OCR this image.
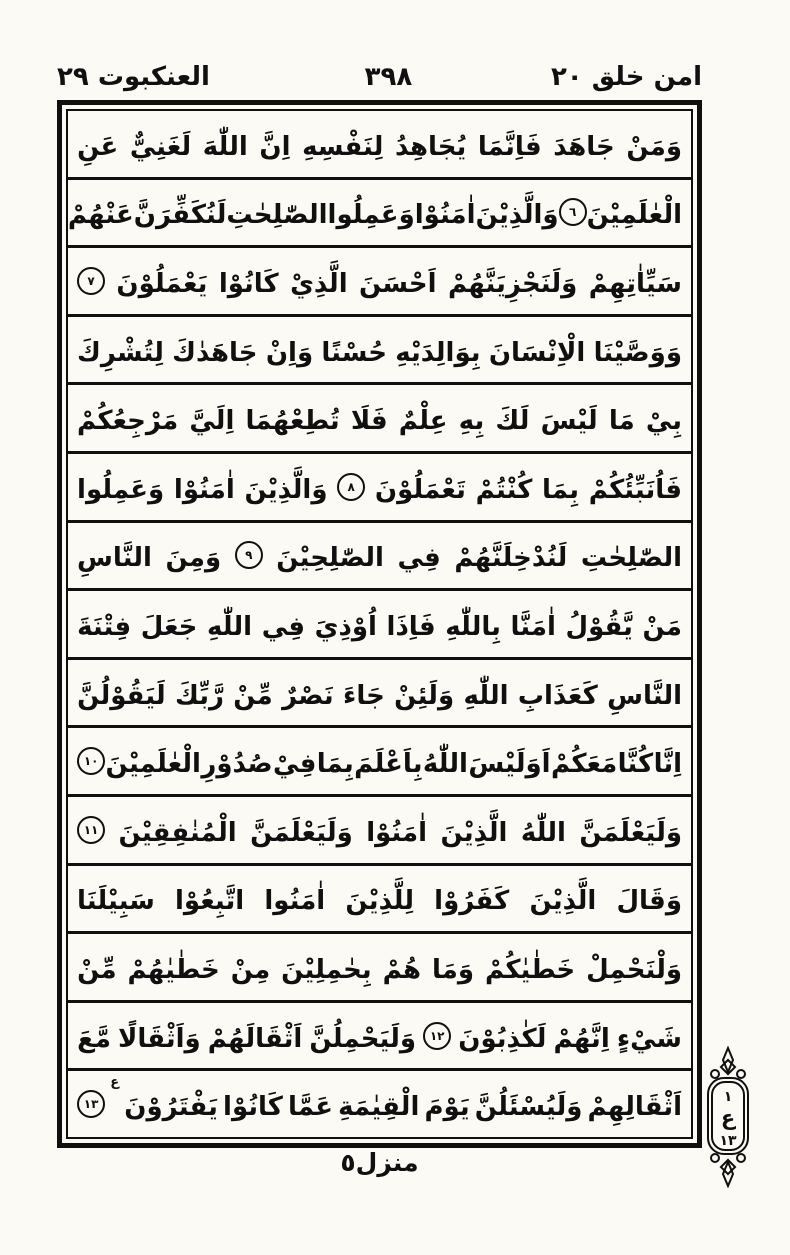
امن خلق ٢٠
٣٩٨
العنكبوت ٢٩
وَمَنْ
جَاهَدَ
فَاِنَّمَا
يُجَاهِدُ
لِنَفْسِهِ
اِنَّ
اللّٰهَ
لَغَنِيٌّ
عَنِ
الْعٰلَمِيْنَ
٦
وَالَّذِيْنَ
اٰمَنُوْا
وَعَمِلُوا
الصّٰلِحٰتِ
لَنُكَفِّرَنَّ
عَنْهُمْ
سَيِّاٰتِهِمْ
وَلَنَجْزِيَنَّهُمْ
اَحْسَنَ
الَّذِيْ
كَانُوْا
يَعْمَلُوْنَ
٧
وَوَصَّيْنَا
الْاِنْسَانَ
بِوَالِدَيْهِ
حُسْنًا
وَاِنْ
جَاهَدٰكَ
لِتُشْرِكَ
بِيْ
مَا
لَيْسَ
لَكَ
بِهِ
عِلْمٌ
فَلَا
تُطِعْهُمَا
اِلَيَّ
مَرْجِعُكُمْ
فَاُنَبِّئُكُمْ
بِمَا
كُنْتُمْ
تَعْمَلُوْنَ
٨
وَالَّذِيْنَ
اٰمَنُوْا
وَعَمِلُوا
الصّٰلِحٰتِ
لَنُدْخِلَنَّهُمْ
فِي
الصّٰلِحِيْنَ
٩
وَمِنَ
النَّاسِ
مَنْ
يَّقُوْلُ
اٰمَنَّا
بِاللّٰهِ
فَاِذَا
اُوْذِيَ
فِي
اللّٰهِ
جَعَلَ
فِتْنَةَ
النَّاسِ
كَعَذَابِ
اللّٰهِ
وَلَئِنْ
جَاءَ
نَصْرٌ
مِّنْ
رَّبِّكَ
لَيَقُوْلُنَّ
اِنَّا
كُنَّا
مَعَكُمْ
اَوَلَيْسَ
اللّٰهُ
بِاَعْلَمَ
بِمَا
فِيْ
صُدُوْرِ
الْعٰلَمِيْنَ
١٠
وَلَيَعْلَمَنَّ
اللّٰهُ
الَّذِيْنَ
اٰمَنُوْا
وَلَيَعْلَمَنَّ
الْمُنٰفِقِيْنَ
١١
وَقَالَ
الَّذِيْنَ
كَفَرُوْا
لِلَّذِيْنَ
اٰمَنُوا
اتَّبِعُوْا
سَبِيْلَنَا
وَلْنَحْمِلْ
خَطٰيٰكُمْ
وَمَا
هُمْ
بِحٰمِلِيْنَ
مِنْ
خَطٰيٰهُمْ
مِّنْ
شَيْءٍ
اِنَّهُمْ
لَكٰذِبُوْنَ
١٢
وَلَيَحْمِلُنَّ
اَثْقَالَهُمْ
وَاَثْقَالًا
مَّعَ
اَثْقَالِهِمْ
وَلَيُسْئَلُنَّ
يَوْمَ
الْقِيٰمَةِ
عَمَّا
كَانُوْا
يَفْتَرُوْنَ
ع
١٣	١
ع
١٣
منزل٥
